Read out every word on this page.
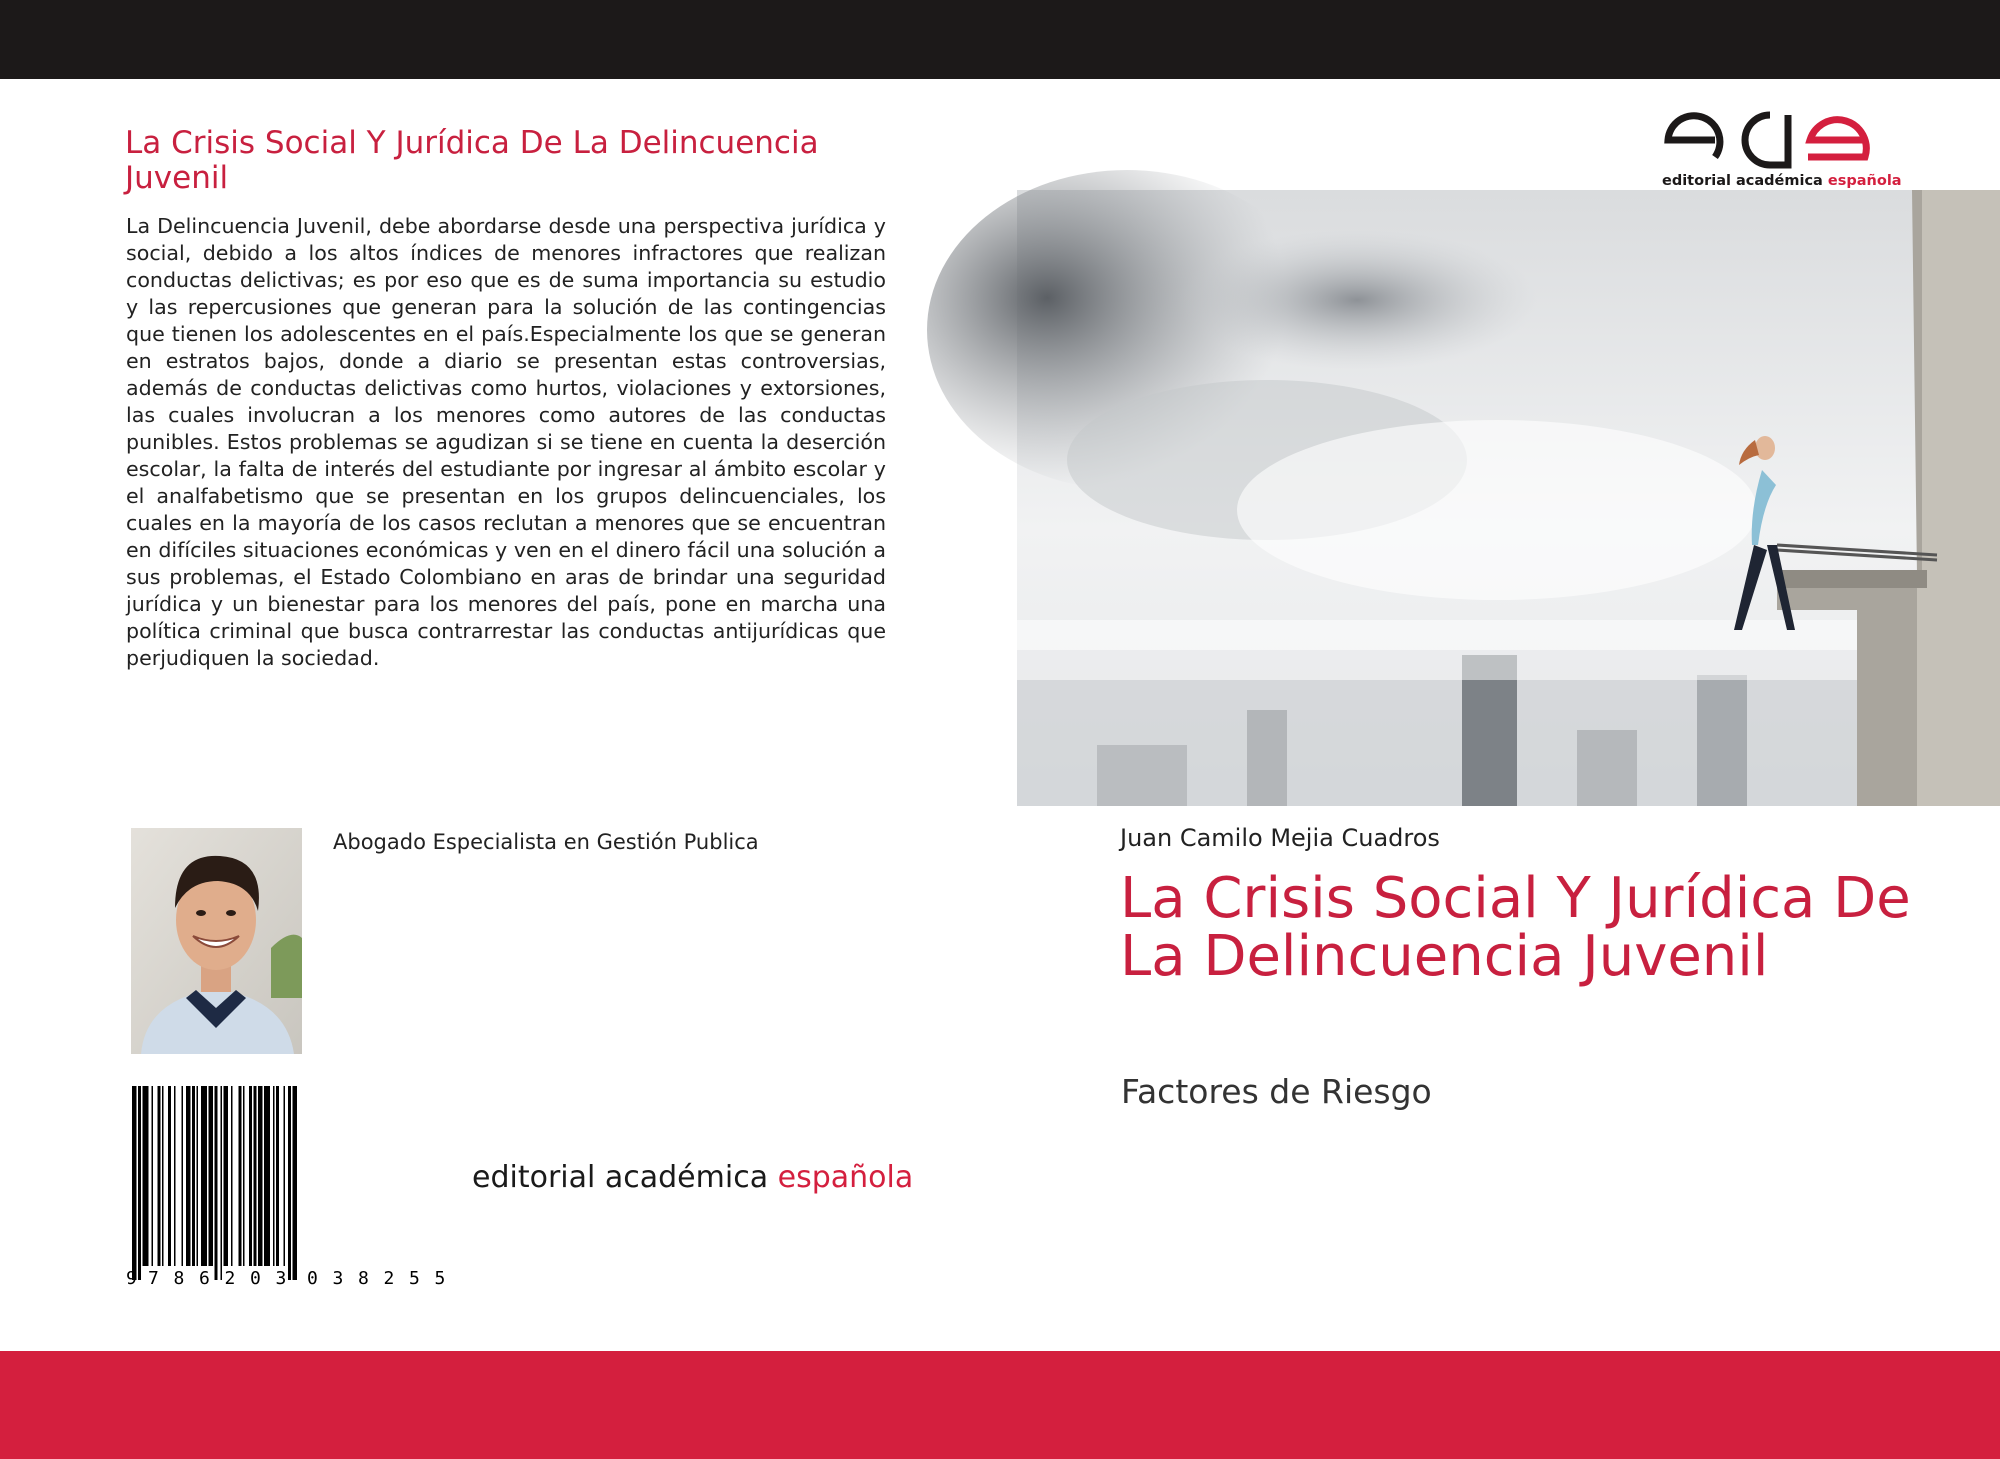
La Crisis Social Y Jurídica De La Delincuencia Juvenil

La Delincuencia Juvenil, debe abordarse desde una perspectiva jurídica y social, debido a los altos índices de menores infractores que realizan conductas delictivas; es por eso que es de suma importancia su estudio y las repercusiones que generan para la solución de las contingencias que tienen los adolescentes en el país.Especialmente los que se generan en estratos bajos, donde a diario se presentan estas controversias, además de conductas delictivas como hurtos, violaciones y extorsiones, las cuales involucran a los menores como autores de las conductas punibles. Estos problemas se agudizan si se tiene en cuenta la deserción escolar, la falta de interés del estudiante por ingresar al ámbito escolar y el analfabetismo que se presentan en los grupos delincuenciales, los cuales en la mayoría de los casos reclutan a menores que se encuentran en difíciles situaciones económicas y ven en el dinero fácil una solución a sus problemas, el Estado Colombiano en aras de brindar una seguridad jurídica y un bienestar para los menores del país, pone en marcha una política criminal que busca contrarrestar las conductas antijurídicas que perjudiquen la sociedad.

Abogado Especialista en Gestión Publica
9 7 8 6 2 0 3 0 3 8 2 5 5
editorial académica española
editorial académica española
Juan Camilo Mejia Cuadros
La Crisis Social Y Jurídica De La Delincuencia Juvenil
Factores de Riesgo
